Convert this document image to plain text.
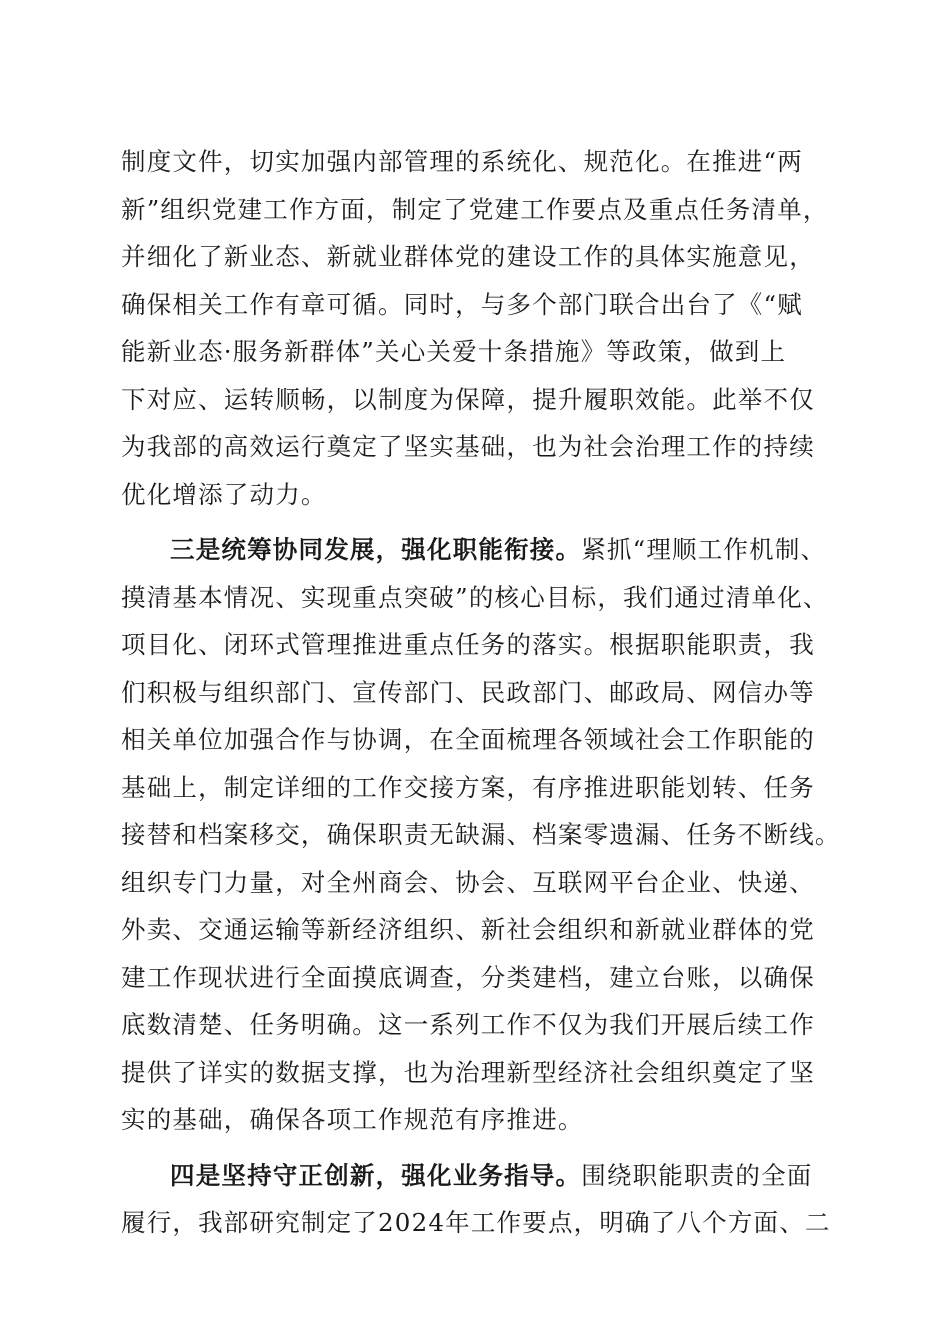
制度文件，切实加强内部管理的系统化、规范化。在推进“两
新”组织党建工作方面，制定了党建工作要点及重点任务清单，
并细化了新业态、新就业群体党的建设工作的具体实施意见，
确保相关工作有章可循。同时，与多个部门联合出台了《“赋
能新业态·服务新群体”关心关爱十条措施》等政策，做到上
下对应、运转顺畅，以制度为保障，提升履职效能。此举不仅
为我部的高效运行奠定了坚实基础，也为社会治理工作的持续
优化增添了动力。
三是统筹协同发展，强化职能衔接。紧抓“理顺工作机制、
摸清基本情况、实现重点突破”的核心目标，我们通过清单化、
项目化、闭环式管理推进重点任务的落实。根据职能职责，我
们积极与组织部门、宣传部门、民政部门、邮政局、网信办等
相关单位加强合作与协调，在全面梳理各领域社会工作职能的
基础上，制定详细的工作交接方案，有序推进职能划转、任务
接替和档案移交，确保职责无缺漏、档案零遗漏、任务不断线。
组织专门力量，对全州商会、协会、互联网平台企业、快递、
外卖、交通运输等新经济组织、新社会组织和新就业群体的党
建工作现状进行全面摸底调查，分类建档，建立台账，以确保
底数清楚、任务明确。这一系列工作不仅为我们开展后续工作
提供了详实的数据支撑，也为治理新型经济社会组织奠定了坚
实的基础，确保各项工作规范有序推进。
四是坚持守正创新，强化业务指导。围绕职能职责的全面
履行，我部研究制定了2024年工作要点，明确了八个方面、二
